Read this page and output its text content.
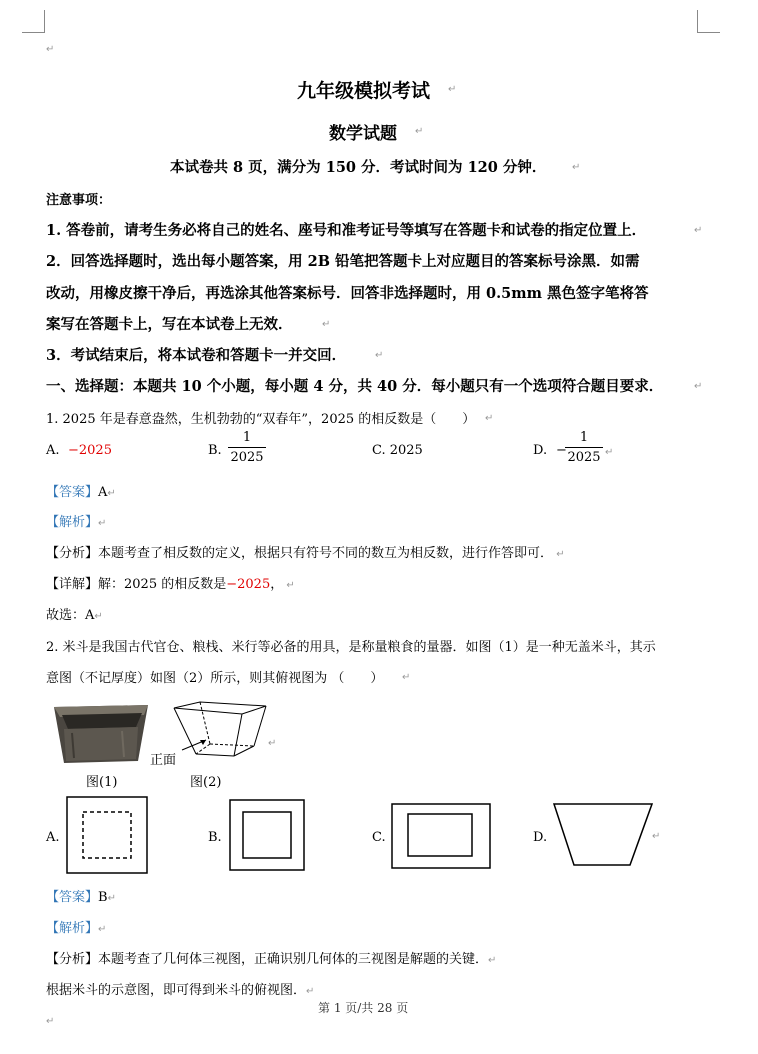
↵
九年级模拟考试 ↵
数学试题 ↵
本试卷共 8 页，满分为 150 分．考试时间为 120 分钟．	↵
注意事项：
1. 答卷前，请考生务必将自己的姓名、座号和准考证号等填写在答题卡和试卷的指定位置上．	↵
2．回答选择题时，选出每小题答案，用 2B 铅笔把答题卡上对应题目的答案标号涂黑．如需
改动，用橡皮擦干净后，再选涂其他答案标号．回答非选择题时，用 0.5mm 黑色签字笔将答
案写在答题卡上，写在本试卷上无效．	↵
3．考试结束后，将本试卷和答题卡一并交回．	↵
一、选择题：本题共 10 个小题，每小题 4 分，共 40 分．每小题只有一个选项符合题目要求．	↵
1. 2025 年是春意盎然，生机勃勃的“双春年”，2025 的相反数是（　　） ↵
A. −2025	B.
1
2025	C. 2025	D. −
1
2025 ↵
【答案】A↵
【解析】↵
【分析】本题考查了相反数的定义，根据只有符号不同的数互为相反数，进行作答即可． ↵
【详解】解：2025 的相反数是−2025， ↵
故选：A↵
2. 米斗是我国古代官仓、粮栈、米行等必备的用具，是称量粮食的量器．如图（1）是一种无盖米斗，其示
意图（不记厚度）如图（2）所示，则其俯视图为 （　　） ↵
图(1)
正面
图(2)
↵
A.	B.	C.	D.	↵
【答案】B↵
【解析】↵
【分析】本题考查了几何体三视图，正确识别几何体的三视图是解题的关键．↵
根据米斗的示意图，即可得到米斗的俯视图．↵
第 1 页/共 28 页
↵
